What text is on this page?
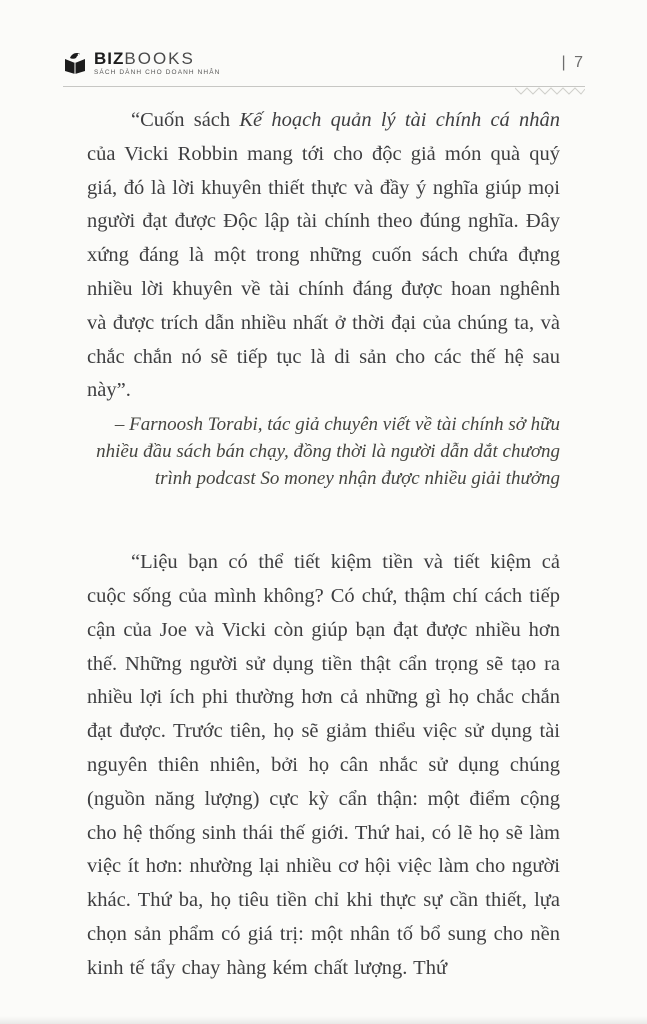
BIZBOOKS
SÁCH DÀNH CHO DOANH NHÂN
| 7

“Cuốn sách Kế hoạch quản lý tài chính cá nhân của Vicki Robbin mang tới cho độc giả món quà quý giá, đó là lời khuyên thiết thực và đầy ý nghĩa giúp mọi người đạt được Độc lập tài chính theo đúng nghĩa. Đây xứng đáng là một trong những cuốn sách chứa đựng nhiều lời khuyên về tài chính đáng được hoan nghênh và được trích dẫn nhiều nhất ở thời đại của chúng ta, và chắc chắn nó sẽ tiếp tục là di sản cho các thế hệ sau này”.

– Farnoosh Torabi, tác giả chuyên viết về tài chính sở hữu nhiều đầu sách bán chạy, đồng thời là người dẫn dắt chương trình podcast So money nhận được nhiều giải thưởng

“Liệu bạn có thể tiết kiệm tiền và tiết kiệm cả cuộc sống của mình không? Có chứ, thậm chí cách tiếp cận của Joe và Vicki còn giúp bạn đạt được nhiều hơn thế. Những người sử dụng tiền thật cẩn trọng sẽ tạo ra nhiều lợi ích phi thường hơn cả những gì họ chắc chắn đạt được. Trước tiên, họ sẽ giảm thiểu việc sử dụng tài nguyên thiên nhiên, bởi họ cân nhắc sử dụng chúng (nguồn năng lượng) cực kỳ cẩn thận: một điểm cộng cho hệ thống sinh thái thế giới. Thứ hai, có lẽ họ sẽ làm việc ít hơn: nhường lại nhiều cơ hội việc làm cho người khác. Thứ ba, họ tiêu tiền chỉ khi thực sự cần thiết, lựa chọn sản phẩm có giá trị: một nhân tố bổ sung cho nền kinh tế tẩy chay hàng kém chất lượng. Thứ
